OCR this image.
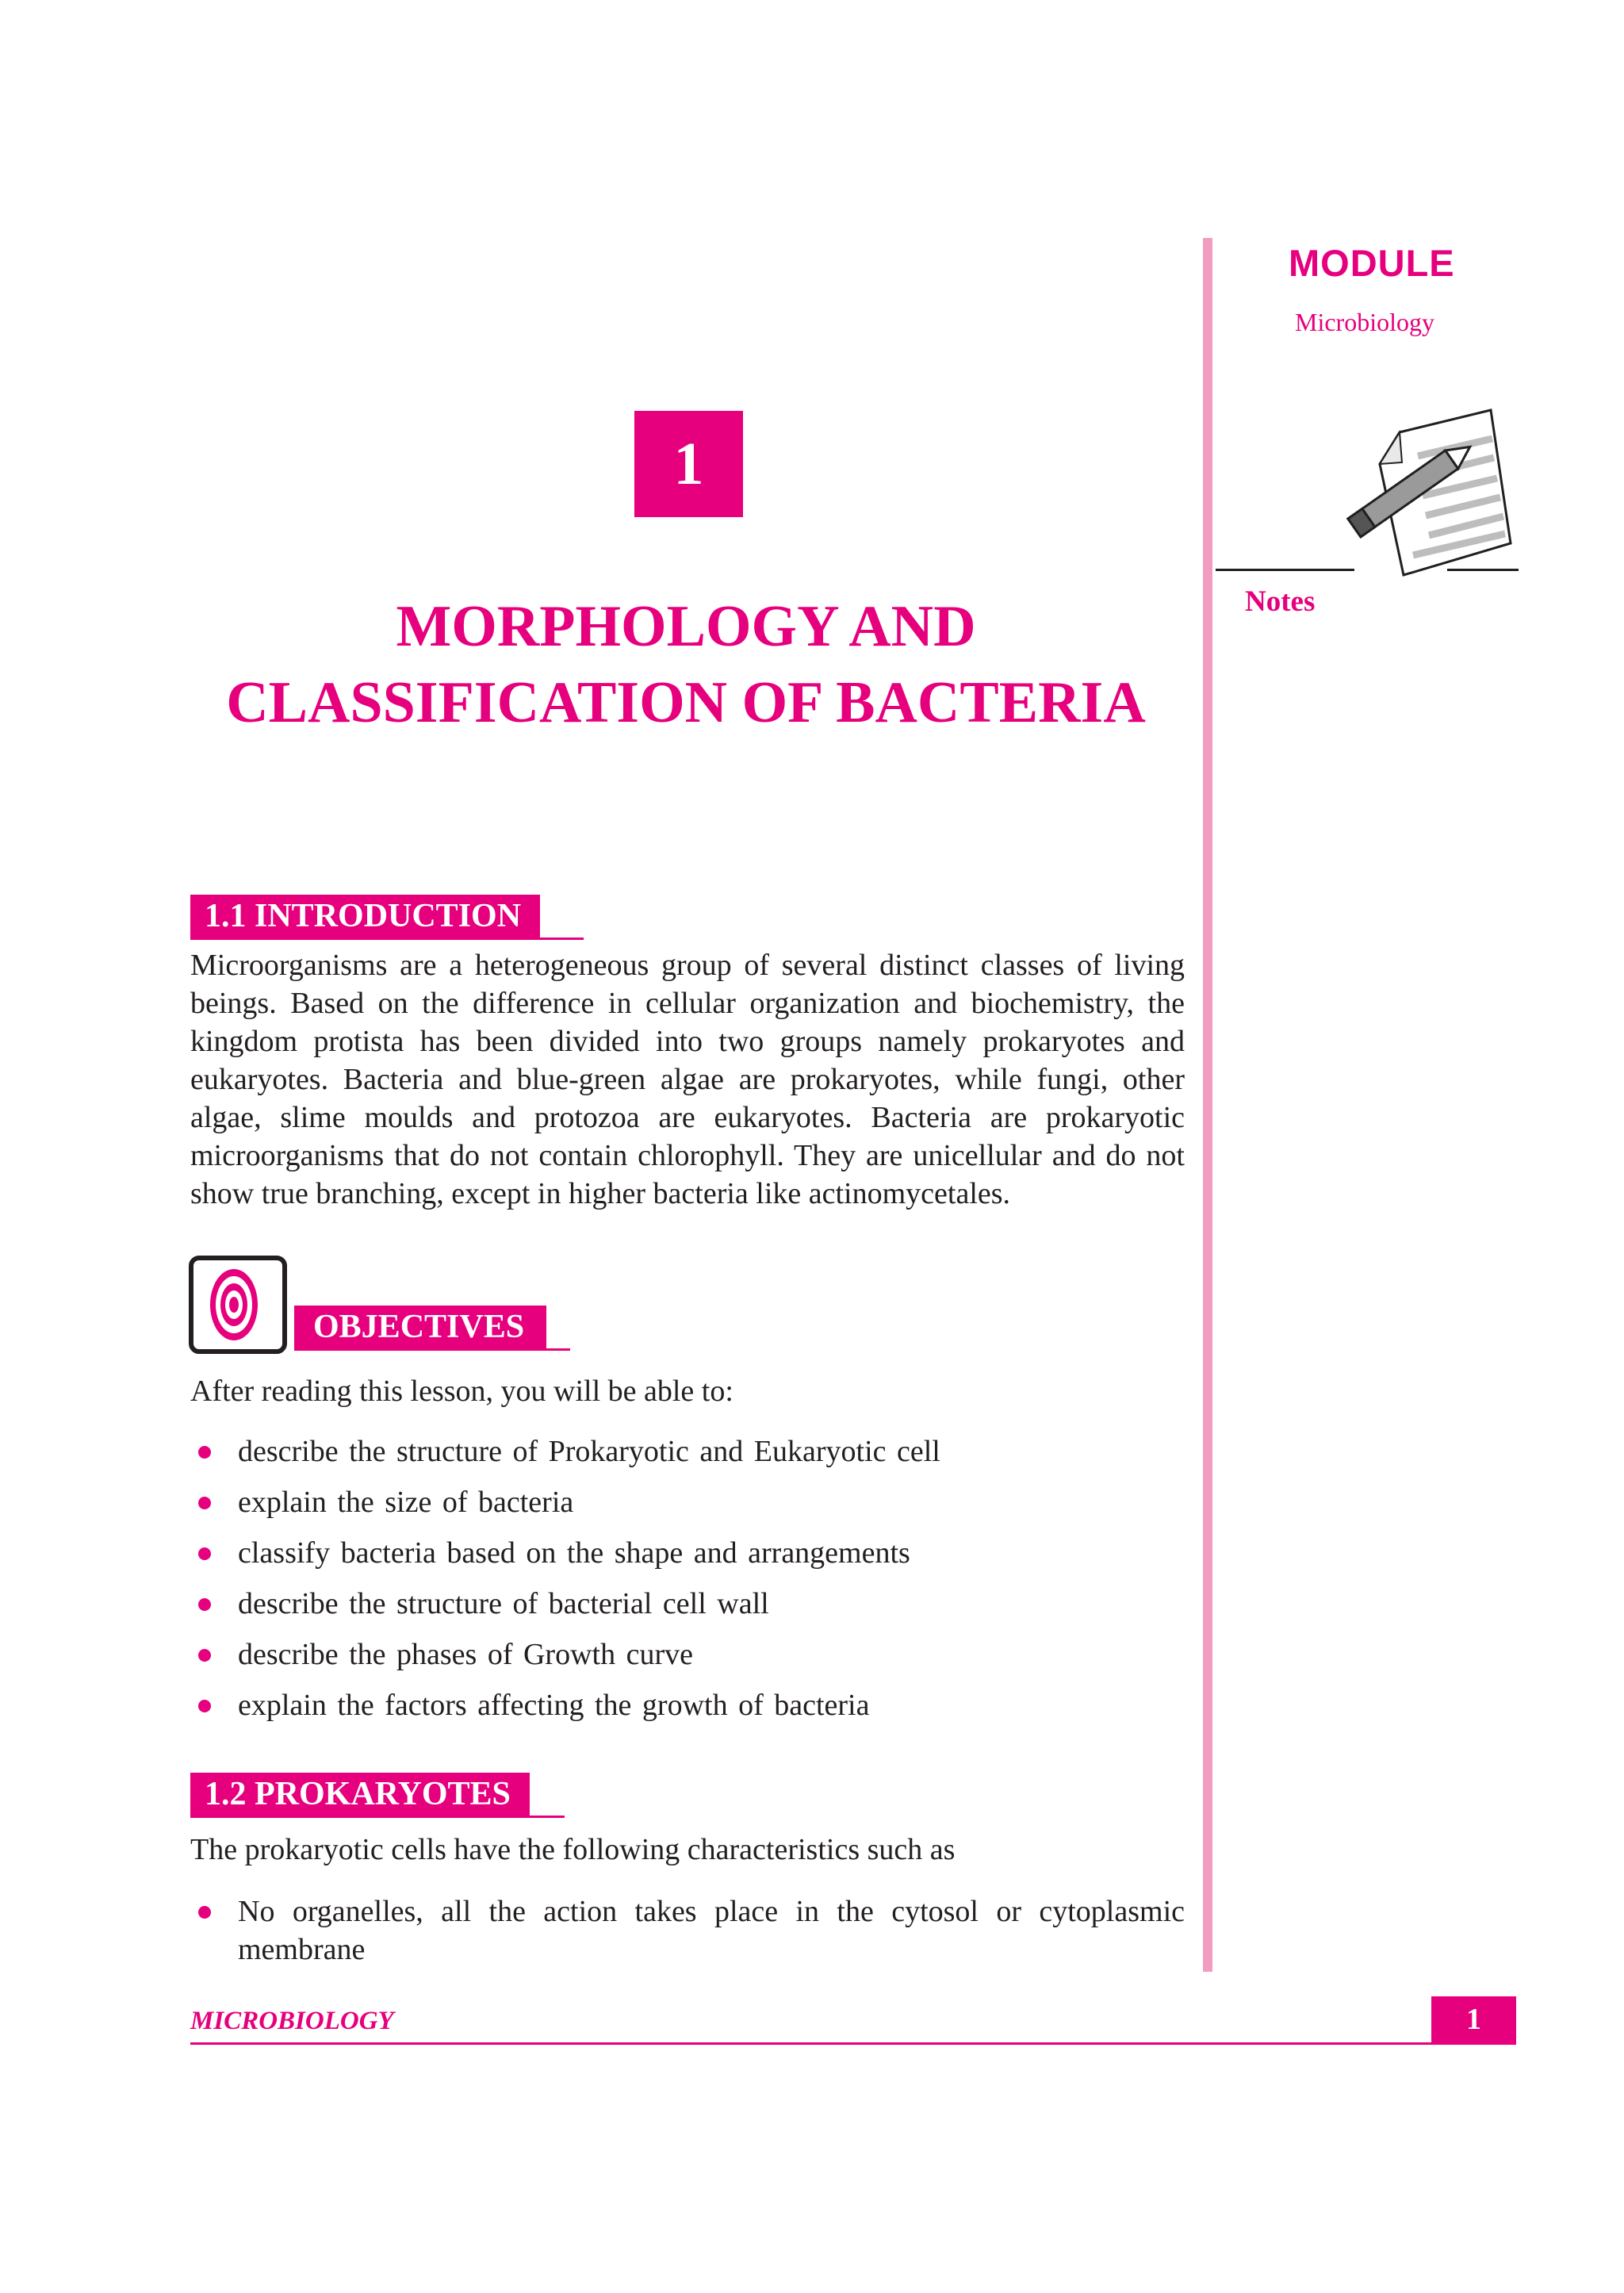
MODULE
Microbiology
Notes
1
MORPHOLOGY AND
CLASSIFICATION OF BACTERIA
1.1 INTRODUCTION
Microorganisms are a heterogeneous group of several distinct classes of living beings. Based on the difference in cellular organization and biochemistry, the kingdom protista has been divided into two groups namely prokaryotes and eukaryotes. Bacteria and blue-green algae are prokaryotes, while fungi, other algae, slime moulds and protozoa are eukaryotes. Bacteria are prokaryotic microorganisms that do not contain chlorophyll. They are unicellular and do not show true branching, except in higher bacteria like actinomycetales.
OBJECTIVES
After reading this lesson, you will be able to:
describe the structure of Prokaryotic and Eukaryotic cell
explain the size of bacteria
classify bacteria based on the shape and arrangements
describe the structure of bacterial cell wall
describe the phases of Growth curve
explain the factors affecting the growth of bacteria
1.2 PROKARYOTES
The prokaryotic cells have the following characteristics such as
No organelles, all the action takes place in the cytosol or cytoplasmic membrane
MICROBIOLOGY	1
